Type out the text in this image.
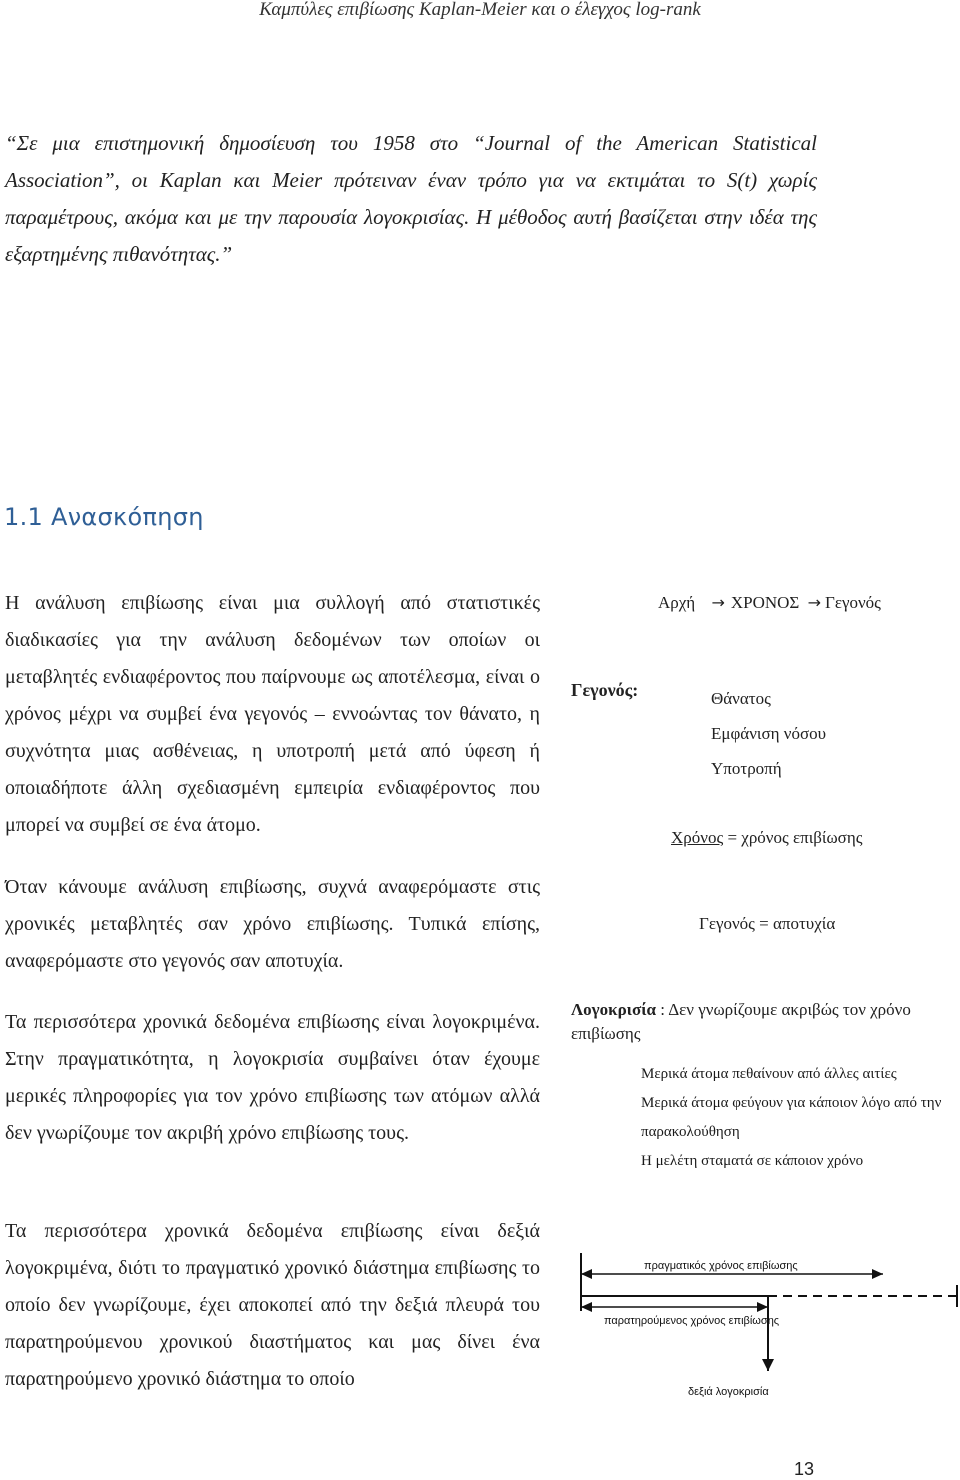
Καμπύλες επιβίωσης Kaplan-Meier και ο έλεγχος log-rank
“Σε μια επιστημονική δημοσίευση του 1958 στο “Journal of the American Statistical Association”, οι Kaplan και Meier πρότειναν έναν τρόπο για να εκτιμάται το S(t) χωρίς παραμέτρους, ακόμα και με την παρουσία λογοκρισίας. Η μέθοδος αυτή βασίζεται στην ιδέα της εξαρτημένης πιθανότητας.”
1.1 Ανασκόπηση
Η ανάλυση επιβίωσης είναι μια συλλογή από στατιστικές διαδικασίες για την ανάλυση δεδομένων των οποίων οι μεταβλητές ενδιαφέροντος που παίρνουμε ως αποτέλεσμα, είναι ο χρόνος μέχρι να συμβεί ένα γεγονός – εννοώντας τον θάνατο, η συχνότητα μιας ασθένειας, η υποτροπή μετά από ύφεση ή οποιαδήποτε άλλη σχεδιασμένη εμπειρία ενδιαφέροντος που μπορεί να συμβεί σε ένα άτομο.
Όταν κάνουμε ανάλυση επιβίωσης, συχνά αναφερόμαστε στις χρονικές μεταβλητές σαν χρόνο επιβίωσης. Τυπικά επίσης, αναφερόμαστε στο γεγονός σαν αποτυχία.
Τα περισσότερα χρονικά δεδομένα επιβίωσης είναι λογοκριμένα. Στην πραγματικότητα, η λογοκρισία συμβαίνει όταν έχουμε μερικές πληροφορίες για τον χρόνο επιβίωσης των ατόμων αλλά δεν γνωρίζουμε τον ακριβή χρόνο επιβίωσης τους.
Τα περισσότερα χρονικά δεδομένα επιβίωσης είναι δεξιά λογοκριμένα, διότι το πραγματικό χρονικό διάστημα επιβίωσης το οποίο δεν γνωρίζουμε, έχει αποκοπεί από την δεξιά πλευρά του παρατηρούμενου χρονικού διαστήματος και μας δίνει ένα παρατηρούμενο χρονικό διάστημα το οποίο
Αρχή → ΧΡΟΝΟΣ → Γεγονός
Γεγονός:	Θάνατος
Εμφάνιση νόσου
Υποτροπή
Χρόνος = χρόνος επιβίωσης
Γεγονός = αποτυχία
Λογοκρισία : Δεν γνωρίζουμε ακριβώς τον χρόνο επιβίωσης
Μερικά άτομα πεθαίνουν από άλλες αιτίες
Μερικά άτομα φεύγουν για κάποιον λόγο από την παρακολούθηση
Η μελέτη σταματά σε κάποιον χρόνο
πραγματικός χρόνος επιβίωσης
παρατηρούμενος χρόνος επιβίωσης
δεξιά λογοκρισία
13
